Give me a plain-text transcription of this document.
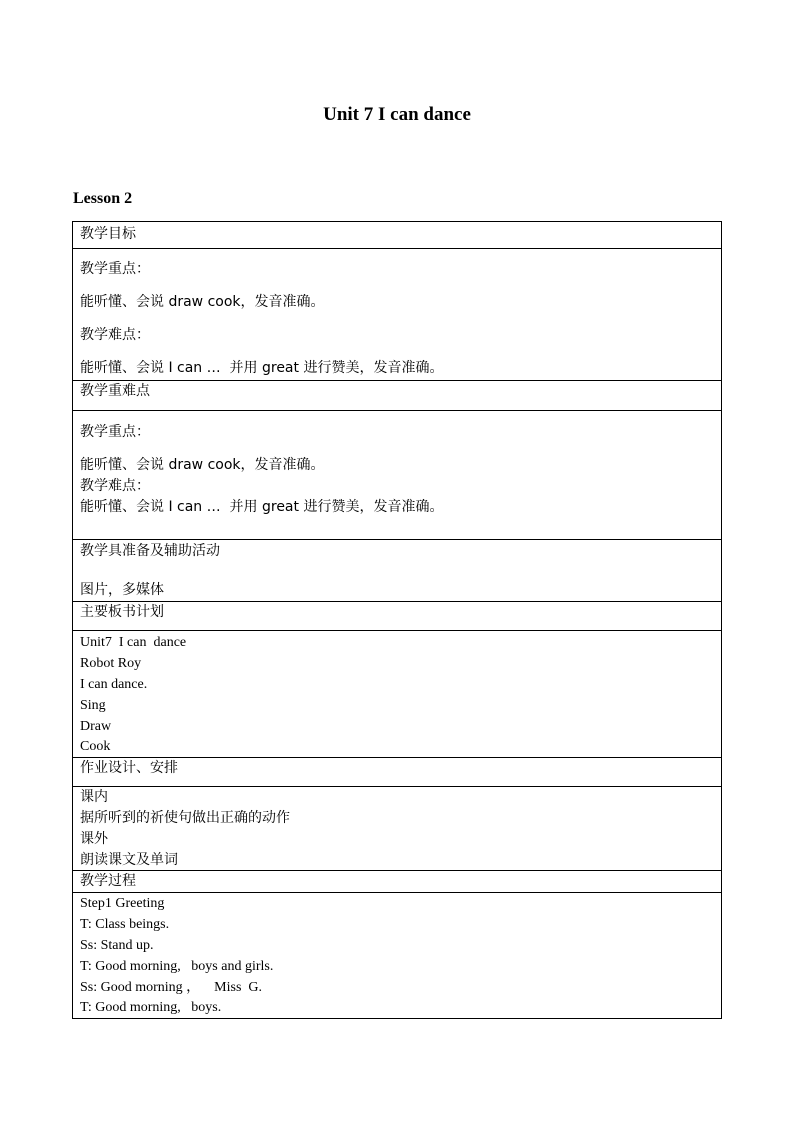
Unit 7 I can dance
Lesson 2
教学目标

教学重点：
能听懂、会说 draw cook，发音准确。
教学难点：
能听懂、会说 I can …  并用 great 进行赞美，发音准确。

教学重难点

教学重点：
能听懂、会说 draw cook，发音准确。
教学难点：
能听懂、会说 I can …  并用 great 进行赞美，发音准确。

教学具准备及辅助活动
图片，多媒体

主要板书计划

Unit7  I can  dance
Robot Roy
I can dance.
Sing
Draw
Cook

作业设计、安排

课内
据所听到的祈使句做出正确的动作
课外
朗读课文及单词

教学过程

Step1 Greeting
T: Class beings.
Ss: Stand up.
T: Good morning,   boys and girls.
Ss: Good morning ，    Miss  G.
T: Good morning,   boys.
